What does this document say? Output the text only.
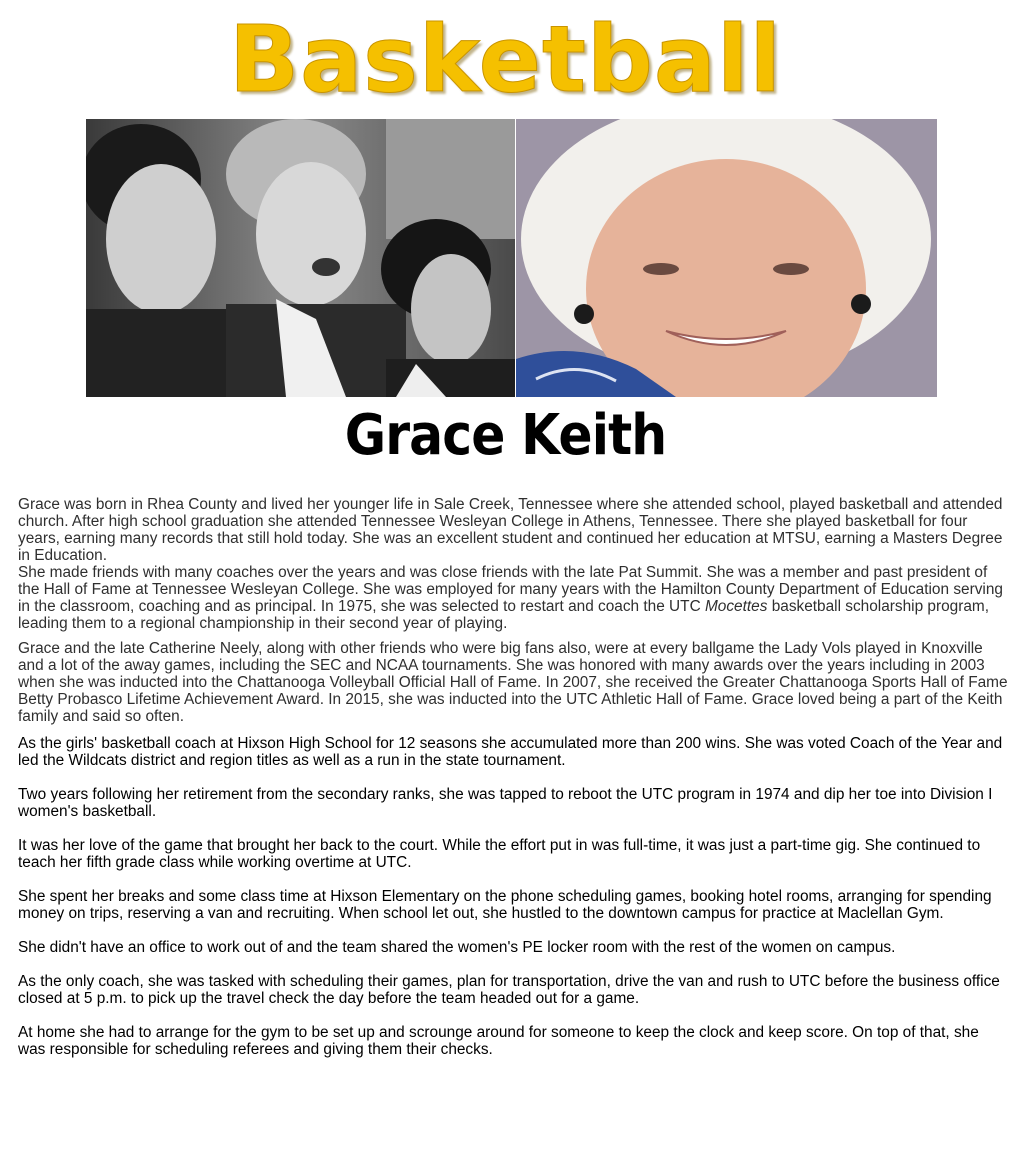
Basketball
Grace Keith

Grace was born in Rhea County and lived her younger life in Sale Creek, Tennessee where she attended school, played basketball and attended church. After high school graduation she attended Tennessee Wesleyan College in Athens, Tennessee. There she played basketball for four years, earning many records that still hold today. She was an excellent student and continued her education at MTSU, earning a Masters Degree in Education.

She made friends with many coaches over the years and was close friends with the late Pat Summit. She was a member and past president of the Hall of Fame at Tennessee Wesleyan College. She was employed for many years with the Hamilton County Department of Education serving in the classroom, coaching and as principal. In 1975, she was selected to restart and coach the UTC Mocettes basketball scholarship program, leading them to a regional championship in their second year of playing.

Grace and the late Catherine Neely, along with other friends who were big fans also, were at every ballgame the Lady Vols played in Knoxville and a lot of the away games, including the SEC and NCAA tournaments. She was honored with many awards over the years including in 2003 when she was inducted into the Chattanooga Volleyball Official Hall of Fame. In 2007, she received the Greater Chattanooga Sports Hall of Fame Betty Probasco Lifetime Achievement Award. In 2015, she was inducted into the UTC Athletic Hall of Fame. Grace loved being a part of the Keith family and said so often.

As the girls' basketball coach at Hixson High School for 12 seasons she accumulated more than 200 wins. She was voted Coach of the Year and led the Wildcats district and region titles as well as a run in the state tournament.

Two years following her retirement from the secondary ranks, she was tapped to reboot the UTC program in 1974 and dip her toe into Division I women's basketball.

It was her love of the game that brought her back to the court. While the effort put in was full-time, it was just a part-time gig. She continued to teach her fifth grade class while working overtime at UTC.

She spent her breaks and some class time at Hixson Elementary on the phone scheduling games, booking hotel rooms, arranging for spending money on trips, reserving a van and recruiting. When school let out, she hustled to the downtown campus for practice at Maclellan Gym.

She didn't have an office to work out of and the team shared the women's PE locker room with the rest of the women on campus.

As the only coach, she was tasked with scheduling their games, plan for transportation, drive the van and rush to UTC before the business office closed at 5 p.m. to pick up the travel check the day before the team headed out for a game.

At home she had to arrange for the gym to be set up and scrounge around for someone to keep the clock and keep score. On top of that, she was responsible for scheduling referees and giving them their checks.
